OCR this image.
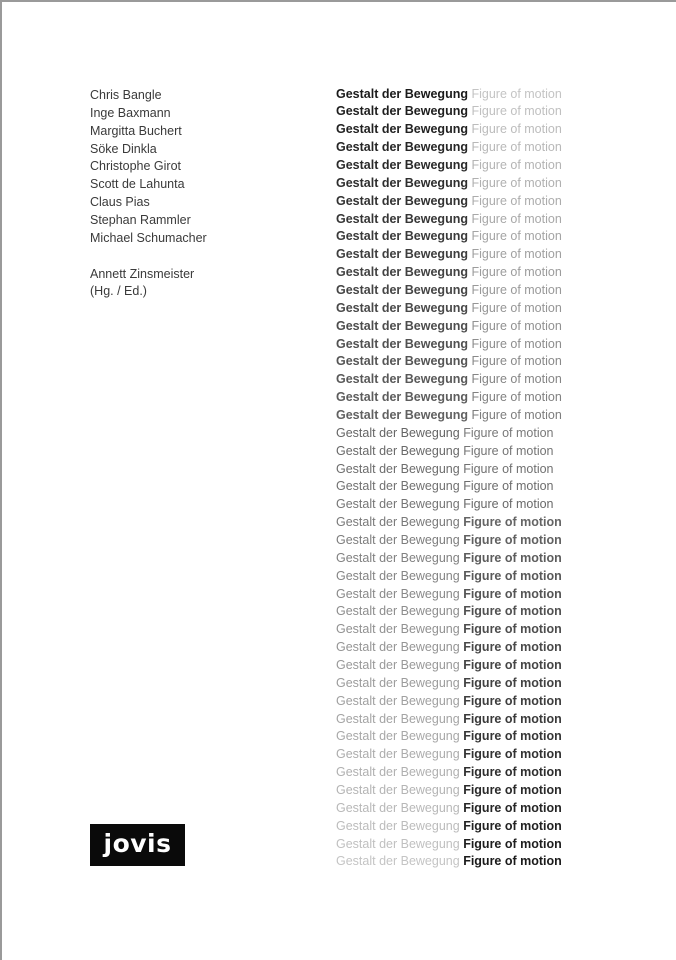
Chris Bangle
Inge Baxmann
Margitta Buchert
Söke Dinkla
Christophe Girot
Scott de Lahunta
Claus Pias
Stephan Rammler
Michael Schumacher
Annett Zinsmeister
(Hg. / Ed.)
Gestalt der Bewegung Figure of motion
Gestalt der Bewegung Figure of motion
Gestalt der Bewegung Figure of motion
Gestalt der Bewegung Figure of motion
Gestalt der Bewegung Figure of motion
Gestalt der Bewegung Figure of motion
Gestalt der Bewegung Figure of motion
Gestalt der Bewegung Figure of motion
Gestalt der Bewegung Figure of motion
Gestalt der Bewegung Figure of motion
Gestalt der Bewegung Figure of motion
Gestalt der Bewegung Figure of motion
Gestalt der Bewegung Figure of motion
Gestalt der Bewegung Figure of motion
Gestalt der Bewegung Figure of motion
Gestalt der Bewegung Figure of motion
Gestalt der Bewegung Figure of motion
Gestalt der Bewegung Figure of motion
Gestalt der Bewegung Figure of motion
Gestalt der Bewegung Figure of motion
Gestalt der Bewegung Figure of motion
Gestalt der Bewegung Figure of motion
Gestalt der Bewegung Figure of motion
Gestalt der Bewegung Figure of motion
Gestalt der Bewegung Figure of motion
Gestalt der Bewegung Figure of motion
Gestalt der Bewegung Figure of motion
Gestalt der Bewegung Figure of motion
Gestalt der Bewegung Figure of motion
Gestalt der Bewegung Figure of motion
Gestalt der Bewegung Figure of motion
Gestalt der Bewegung Figure of motion
Gestalt der Bewegung Figure of motion
Gestalt der Bewegung Figure of motion
Gestalt der Bewegung Figure of motion
Gestalt der Bewegung Figure of motion
Gestalt der Bewegung Figure of motion
Gestalt der Bewegung Figure of motion
Gestalt der Bewegung Figure of motion
Gestalt der Bewegung Figure of motion
Gestalt der Bewegung Figure of motion
Gestalt der Bewegung Figure of motion
Gestalt der Bewegung Figure of motion
Gestalt der Bewegung Figure of motion
jovis
